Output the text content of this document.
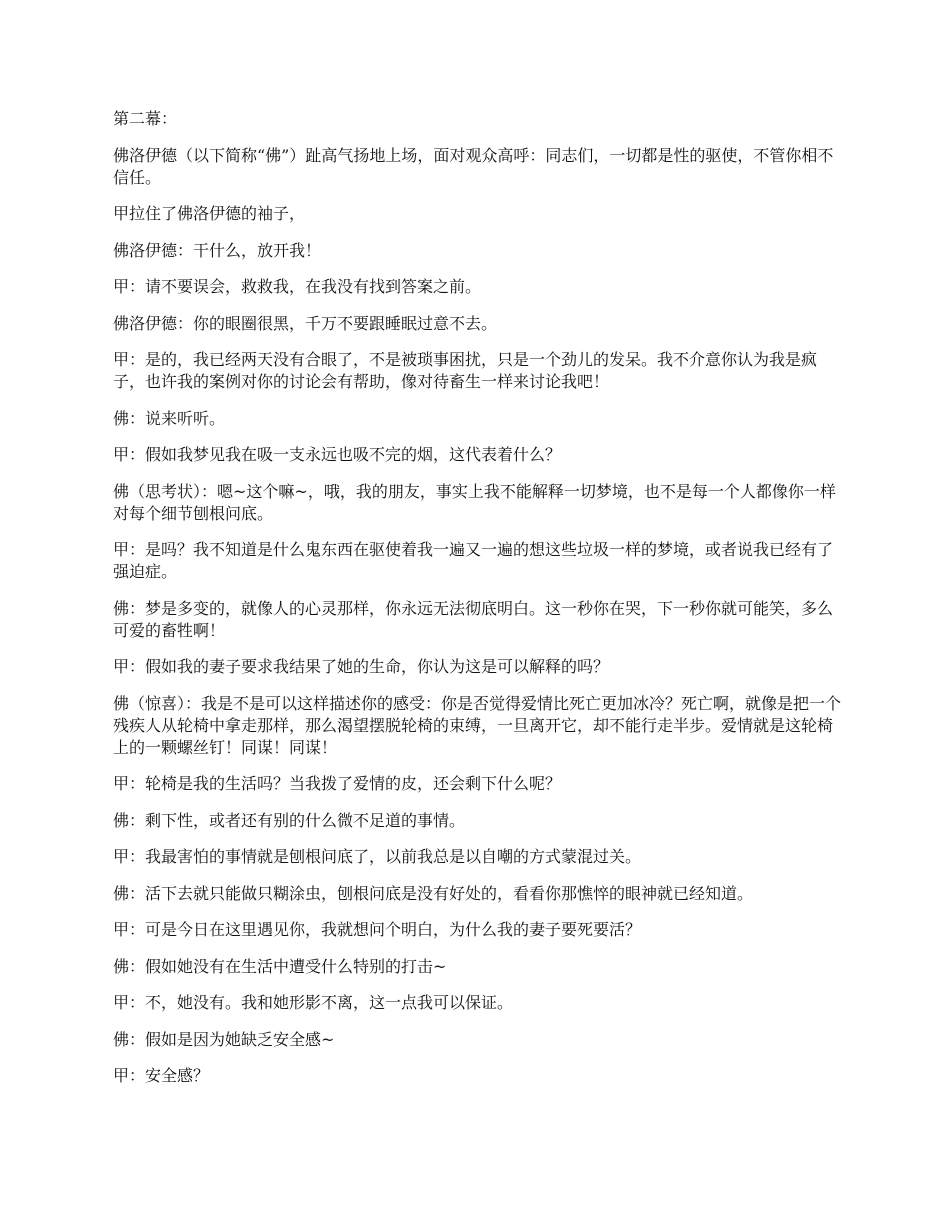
第二幕：

佛洛伊德（以下简称“佛”）趾高气扬地上场，面对观众高呼：同志们，一切都是性的驱使，不管你相不信任。

甲拉住了佛洛伊德的袖子，

佛洛伊德：干什么，放开我！

甲：请不要误会，救救我，在我没有找到答案之前。

佛洛伊德：你的眼圈很黑，千万不要跟睡眠过意不去。

甲：是的，我已经两天没有合眼了，不是被琐事困扰，只是一个劲儿的发呆。我不介意你认为我是疯子，也许我的案例对你的讨论会有帮助，像对待畜生一样来讨论我吧！

佛：说来听听。

甲：假如我梦见我在吸一支永远也吸不完的烟，这代表着什么？

佛（思考状）：嗯~这个嘛~，哦，我的朋友，事实上我不能解释一切梦境，也不是每一个人都像你一样对每个细节刨根问底。

甲：是吗？我不知道是什么鬼东西在驱使着我一遍又一遍的想这些垃圾一样的梦境，或者说我已经有了强迫症。

佛：梦是多变的，就像人的心灵那样，你永远无法彻底明白。这一秒你在哭，下一秒你就可能笑，多么可爱的畜牲啊！

甲：假如我的妻子要求我结果了她的生命，你认为这是可以解释的吗？

佛（惊喜）：我是不是可以这样描述你的感受：你是否觉得爱情比死亡更加冰冷？死亡啊，就像是把一个残疾人从轮椅中拿走那样，那么渴望摆脱轮椅的束缚，一旦离开它，却不能行走半步。爱情就是这轮椅上的一颗螺丝钉！同谋！同谋！

甲：轮椅是我的生活吗？当我拨了爱情的皮，还会剩下什么呢？

佛：剩下性，或者还有别的什么微不足道的事情。

甲：我最害怕的事情就是刨根问底了，以前我总是以自嘲的方式蒙混过关。

佛：活下去就只能做只糊涂虫，刨根问底是没有好处的，看看你那憔悴的眼神就已经知道。

甲：可是今日在这里遇见你，我就想问个明白，为什么我的妻子要死要活？

佛：假如她没有在生活中遭受什么特别的打击~

甲：不，她没有。我和她形影不离，这一点我可以保证。

佛：假如是因为她缺乏安全感~

甲：安全感？
